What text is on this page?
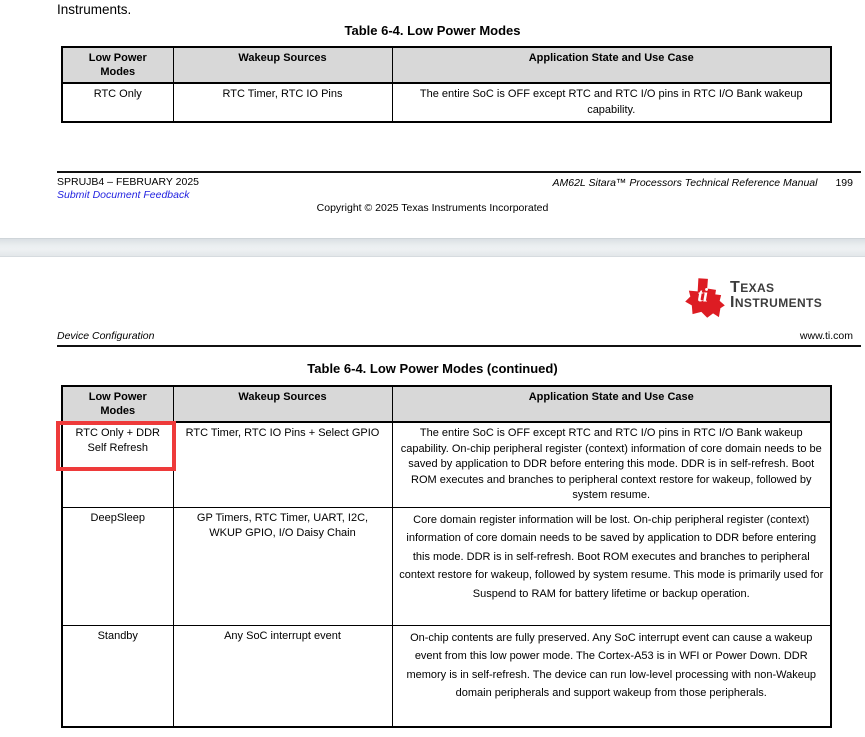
Instruments.
Table 6-4. Low Power Modes
Low Power Modes	Wakeup Sources	Application State and Use Case
RTC Only	RTC Timer, RTC IO Pins	The entire SoC is OFF except RTC and RTC I/O pins in RTC I/O Bank wakeup capability.
SPRUJB4 – FEBRUARY 2025
Submit Document Feedback
AM62L Sitara™ Processors Technical Reference Manual 199
Copyright © 2025 Texas Instruments Incorporated
ti TEXAS
INSTRUMENTS
Device Configuration	www.ti.com
Table 6-4. Low Power Modes (continued)
Low Power Modes	Wakeup Sources	Application State and Use Case
RTC Only + DDR Self Refresh	RTC Timer, RTC IO Pins + Select GPIO	The entire SoC is OFF except RTC and RTC I/O pins in RTC I/O Bank wakeup capability. On-chip peripheral register (context) information of core domain needs to be saved by application to DDR before entering this mode. DDR is in self-refresh. Boot ROM executes and branches to peripheral context restore for wakeup, followed by system resume.
DeepSleep	GP Timers, RTC Timer, UART, I2C, WKUP GPIO, I/O Daisy Chain	Core domain register information will be lost. On-chip peripheral register (context) information of core domain needs to be saved by application to DDR before entering this mode. DDR is in self-refresh. Boot ROM executes and branches to peripheral context restore for wakeup, followed by system resume. This mode is primarily used for Suspend to RAM for battery lifetime or backup operation.
Standby	Any SoC interrupt event	On-chip contents are fully preserved. Any SoC interrupt event can cause a wakeup event from this low power mode. The Cortex-A53 is in WFI or Power Down. DDR memory is in self-refresh. The device can run low-level processing with non-Wakeup domain peripherals and support wakeup from those peripherals.
